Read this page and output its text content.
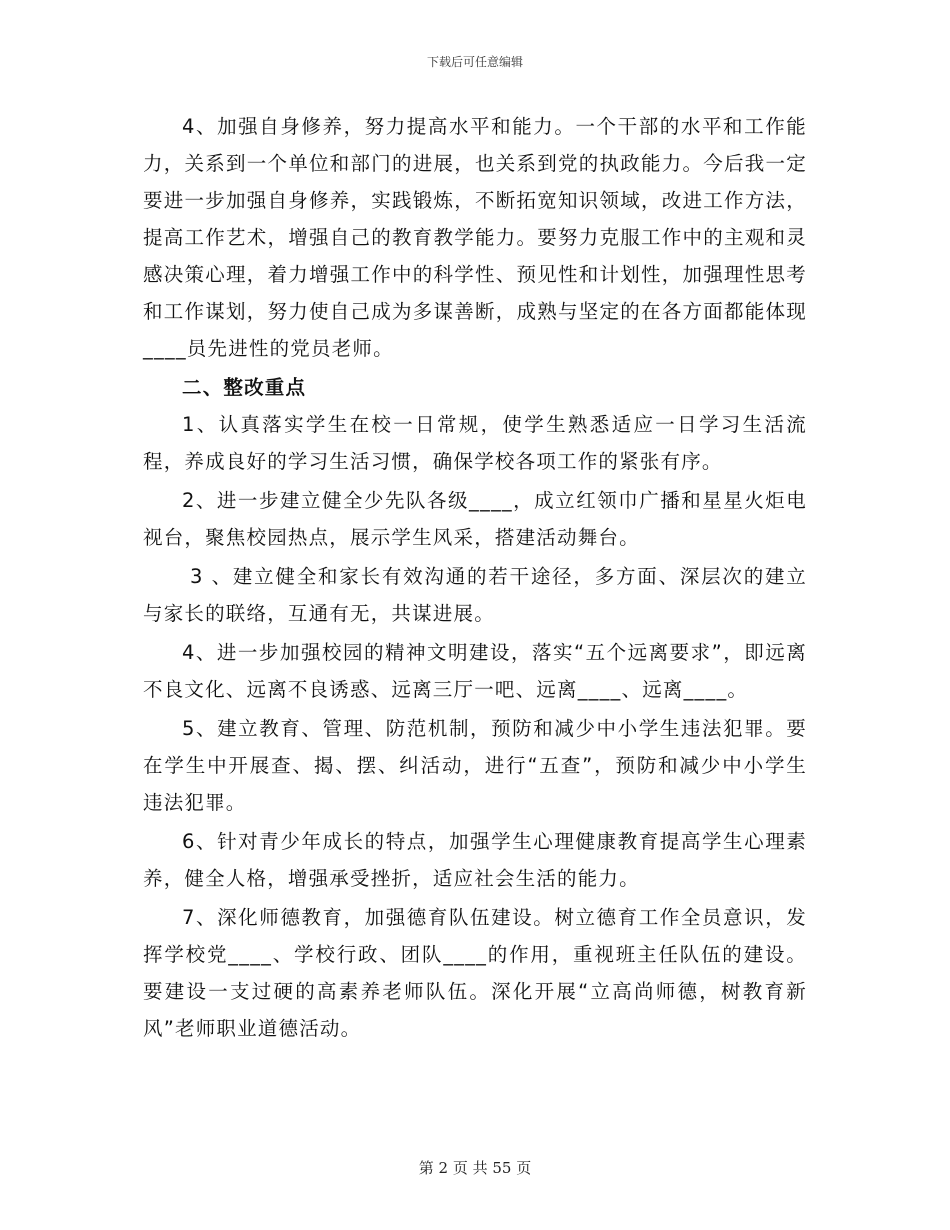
下载后可任意编辑

4、加强自身修养，努力提高水平和能力。一个干部的水平和工作能力，关系到一个单位和部门的进展，也关系到党的执政能力。今后我一定要进一步加强自身修养，实践锻炼，不断拓宽知识领域，改进工作方法，提高工作艺术，增强自己的教育教学能力。要努力克服工作中的主观和灵感决策心理，着力增强工作中的科学性、预见性和计划性，加强理性思考和工作谋划，努力使自己成为多谋善断，成熟与坚定的在各方面都能体现____员先进性的党员老师。

二、整改重点

1、认真落实学生在校一日常规，使学生熟悉适应一日学习生活流程，养成良好的学习生活习惯，确保学校各项工作的紧张有序。

2、进一步建立健全少先队各级____，成立红领巾广播和星星火炬电视台，聚焦校园热点，展示学生风采，搭建活动舞台。

3 、建立健全和家长有效沟通的若干途径，多方面、深层次的建立与家长的联络，互通有无，共谋进展。

4、进一步加强校园的精神文明建设，落实“五个远离要求”，即远离不良文化、远离不良诱惑、远离三厅一吧、远离____、远离____。

5、建立教育、管理、防范机制，预防和减少中小学生违法犯罪。要在学生中开展查、揭、摆、纠活动，进行“五查”，预防和减少中小学生违法犯罪。

6、针对青少年成长的特点，加强学生心理健康教育提高学生心理素养，健全人格，增强承受挫折，适应社会生活的能力。

7、深化师德教育，加强德育队伍建设。树立德育工作全员意识，发挥学校党____、学校行政、团队____的作用，重视班主任队伍的建设。要建设一支过硬的高素养老师队伍。深化开展“立高尚师德，树教育新风”老师职业道德活动。

第 2 页 共 55 页
